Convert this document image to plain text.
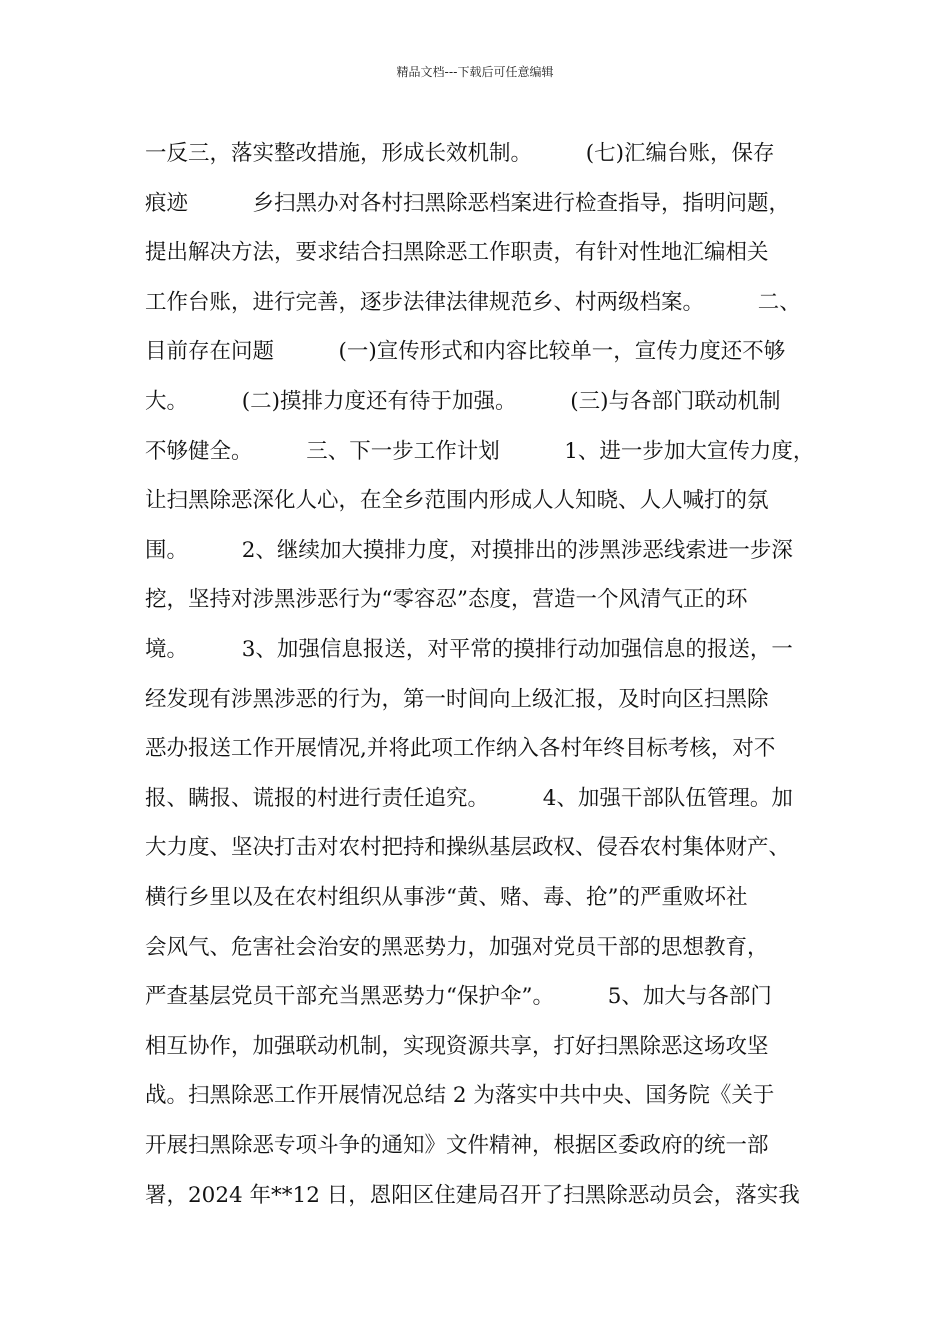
精品文档---下载后可任意编辑
一反三，落实整改措施，形成长效机制。　　　(七)汇编台账，保存
痕迹　　　乡扫黑办对各村扫黑除恶档案进行检查指导，指明问题，
提出解决方法，要求结合扫黑除恶工作职责，有针对性地汇编相关
工作台账，进行完善，逐步法律法律规范乡、村两级档案。　　　二、
目前存在问题　　　(一)宣传形式和内容比较单一，宣传力度还不够
大。　　　(二)摸排力度还有待于加强。　　　(三)与各部门联动机制
不够健全。　　　三、下一步工作计划　　　1、进一步加大宣传力度，
让扫黑除恶深化人心，在全乡范围内形成人人知晓、人人喊打的氛
围。　　　2、继续加大摸排力度，对摸排出的涉黑涉恶线索进一步深
挖，坚持对涉黑涉恶行为“零容忍”态度，营造一个风清气正的环
境。　　　3、加强信息报送，对平常的摸排行动加强信息的报送，一
经发现有涉黑涉恶的行为，第一时间向上级汇报，及时向区扫黑除
恶办报送工作开展情况,并将此项工作纳入各村年终目标考核，对不
报、瞒报、谎报的村进行责任追究。　　　4、加强干部队伍管理。加
大力度、坚决打击对农村把持和操纵基层政权、侵吞农村集体财产、
横行乡里以及在农村组织从事涉“黄、赌、毒、抢”的严重败坏社
会风气、危害社会治安的黑恶势力，加强对党员干部的思想教育，
严查基层党员干部充当黑恶势力“保护伞”。　　　5、加大与各部门
相互协作，加强联动机制，实现资源共享，打好扫黑除恶这场攻坚
战。扫黑除恶工作开展情况总结 2 为落实中共中央、国务院《关于
开展扫黑除恶专项斗争的通知》文件精神，根据区委政府的统一部
署，2024 年**12 日，恩阳区住建局召开了扫黑除恶动员会，落实我
